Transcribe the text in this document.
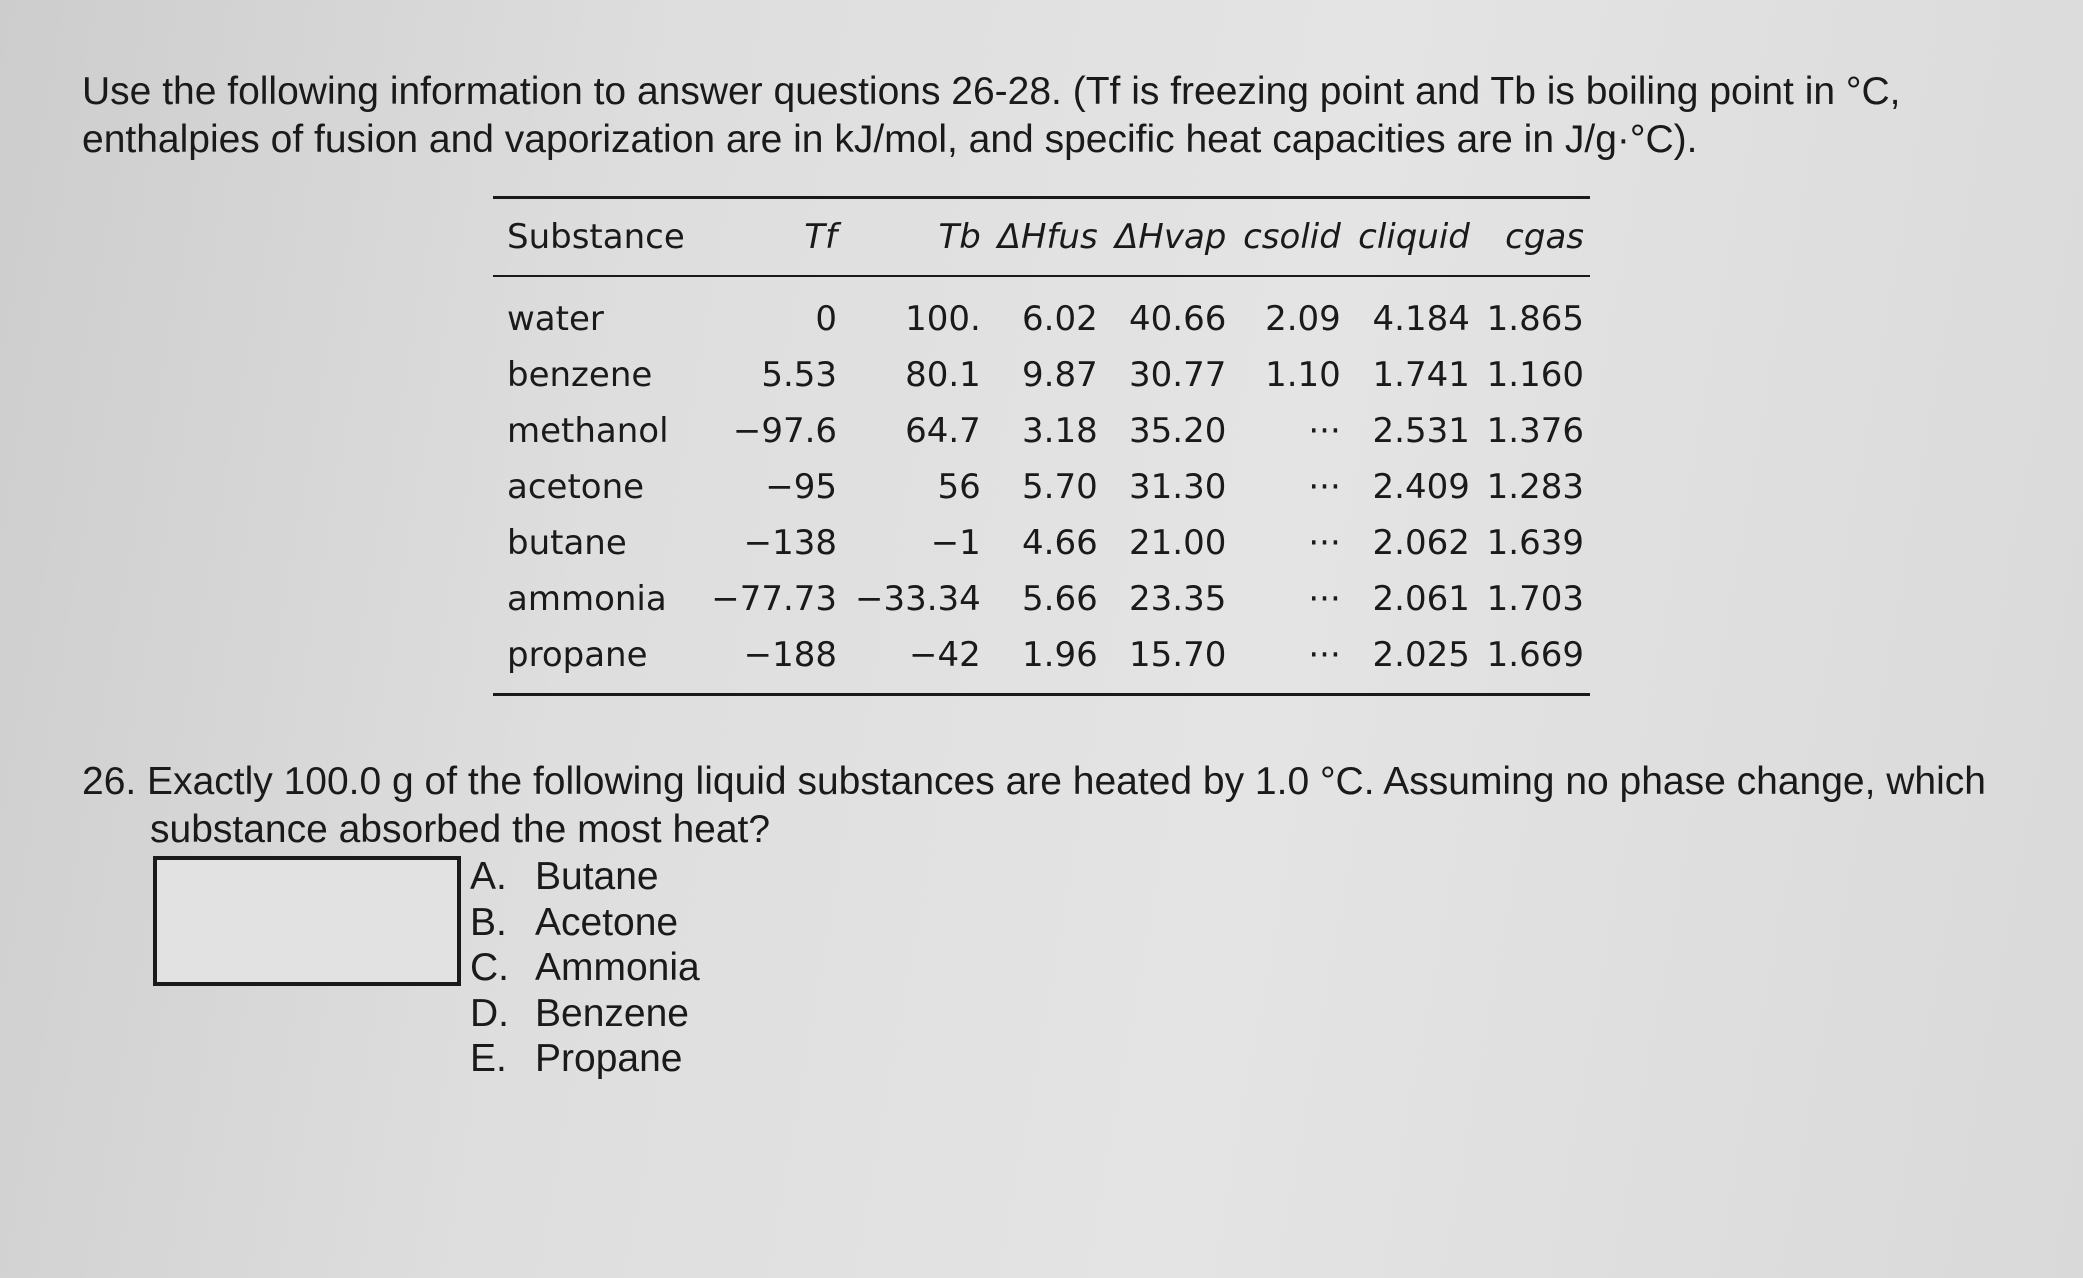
Use the following information to answer questions 26-28. (Tf is freezing point and Tb is boiling point in °C, enthalpies of fusion and vaporization are in kJ/mol, and specific heat capacities are in J/g·°C).
Substance	Tf	Tb	ΔHfus	ΔHvap	csolid	cliquid	cgas

water	0	100.	6.02	40.66	2.09	4.184	1.865
benzene	5.53	80.1	9.87	30.77	1.10	1.741	1.160
methanol	−97.6	64.7	3.18	35.20	···	2.531	1.376
acetone	−95	56	5.70	31.30	···	2.409	1.283
butane	−138	−1	4.66	21.00	···	2.062	1.639
ammonia	−77.73	−33.34	5.66	23.35	···	2.061	1.703
propane	−188	−42	1.96	15.70	···	2.025	1.669
26. Exactly 100.0 g of the following liquid substances are heated by 1.0 °C. Assuming no phase change, which substance absorbed the most heat?
A. Butane
B. Acetone
C. Ammonia
D. Benzene
E. Propane
